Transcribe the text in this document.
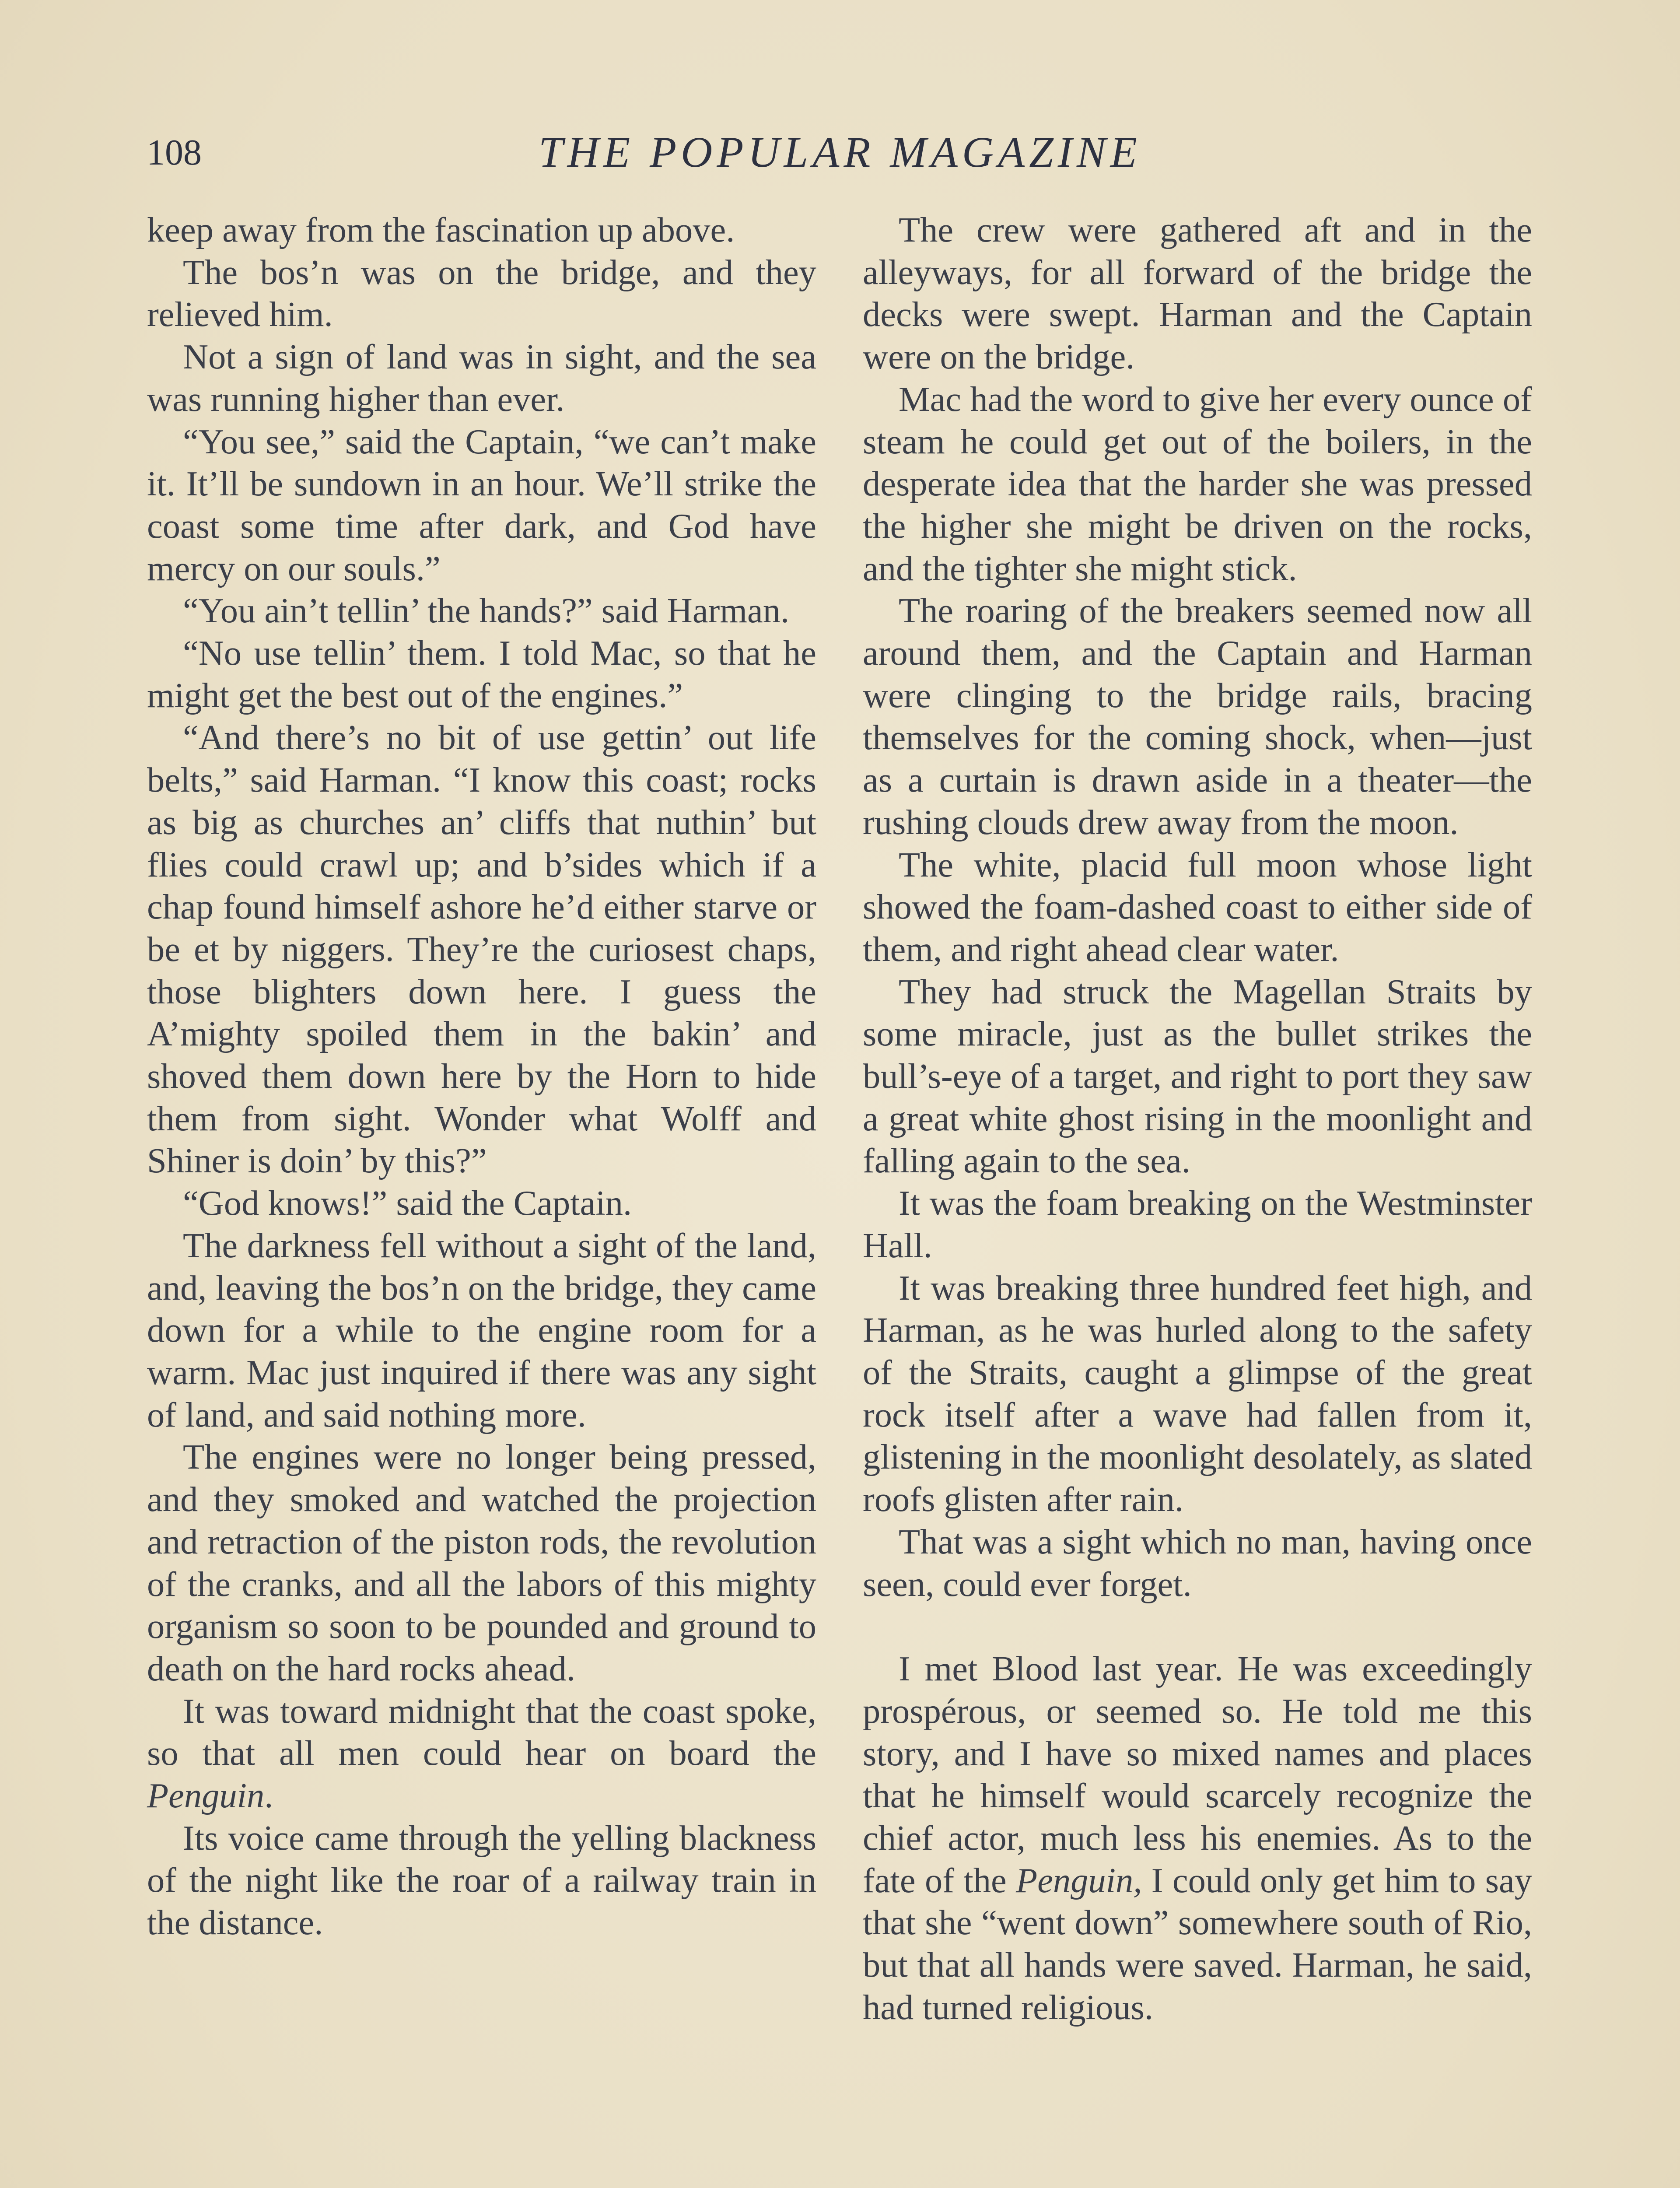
108	THE POPULAR MAGAZINE

keep away from the fascination up above.

The bos’n was on the bridge, and they relieved him.

Not a sign of land was in sight, and the sea was running higher than ever.

“You see,” said the Captain, “we can’t make it. It’ll be sundown in an hour. We’ll strike the coast some time after dark, and God have mercy on our souls.”

“You ain’t tellin’ the hands?” said Harman.

“No use tellin’ them. I told Mac, so that he might get the best out of the engines.”

“And there’s no bit of use gettin’ out life belts,” said Harman. “I know this coast; rocks as big as churches an’ cliffs that nuthin’ but flies could crawl up; and b’sides which if a chap found himself ashore he’d either starve or be et by niggers. They’re the curiosest chaps, those blighters down here. I guess the A’mighty spoiled them in the bakin’ and shoved them down here by the Horn to hide them from sight. Wonder what Wolff and Shiner is doin’ by this?”

“God knows!” said the Captain.

The darkness fell without a sight of the land, and, leaving the bos’n on the bridge, they came down for a while to the engine room for a warm. Mac just inquired if there was any sight of land, and said nothing more.

The engines were no longer being pressed, and they smoked and watched the projection and retraction of the piston rods, the revolution of the cranks, and all the labors of this mighty organism so soon to be pounded and ground to death on the hard rocks ahead.

It was toward midnight that the coast spoke, so that all men could hear on board the Penguin.

Its voice came through the yelling blackness of the night like the roar of a railway train in the distance.

The crew were gathered aft and in the alleyways, for all forward of the bridge the decks were swept. Harman and the Captain were on the bridge.

Mac had the word to give her every ounce of steam he could get out of the boilers, in the desperate idea that the harder she was pressed the higher she might be driven on the rocks, and the tighter she might stick.

The roaring of the breakers seemed now all around them, and the Captain and Harman were clinging to the bridge rails, bracing themselves for the coming shock, when—just as a curtain is drawn aside in a theater—the rushing clouds drew away from the moon.

The white, placid full moon whose light showed the foam-dashed coast to either side of them, and right ahead clear water.

They had struck the Magellan Straits by some miracle, just as the bullet strikes the bull’s-eye of a target, and right to port they saw a great white ghost rising in the moonlight and falling again to the sea.

It was the foam breaking on the Westminster Hall.

It was breaking three hundred feet high, and Harman, as he was hurled along to the safety of the Straits, caught a glimpse of the great rock itself after a wave had fallen from it, glistening in the moonlight desolately, as slated roofs glisten after rain.

That was a sight which no man, having once seen, could ever forget.

I met Blood last year. He was exceedingly prospérous, or seemed so. He told me this story, and I have so mixed names and places that he himself would scarcely recognize the chief actor, much less his enemies. As to the fate of the Penguin, I could only get him to say that she “went down” somewhere south of Rio, but that all hands were saved. Harman, he said, had turned religious.
